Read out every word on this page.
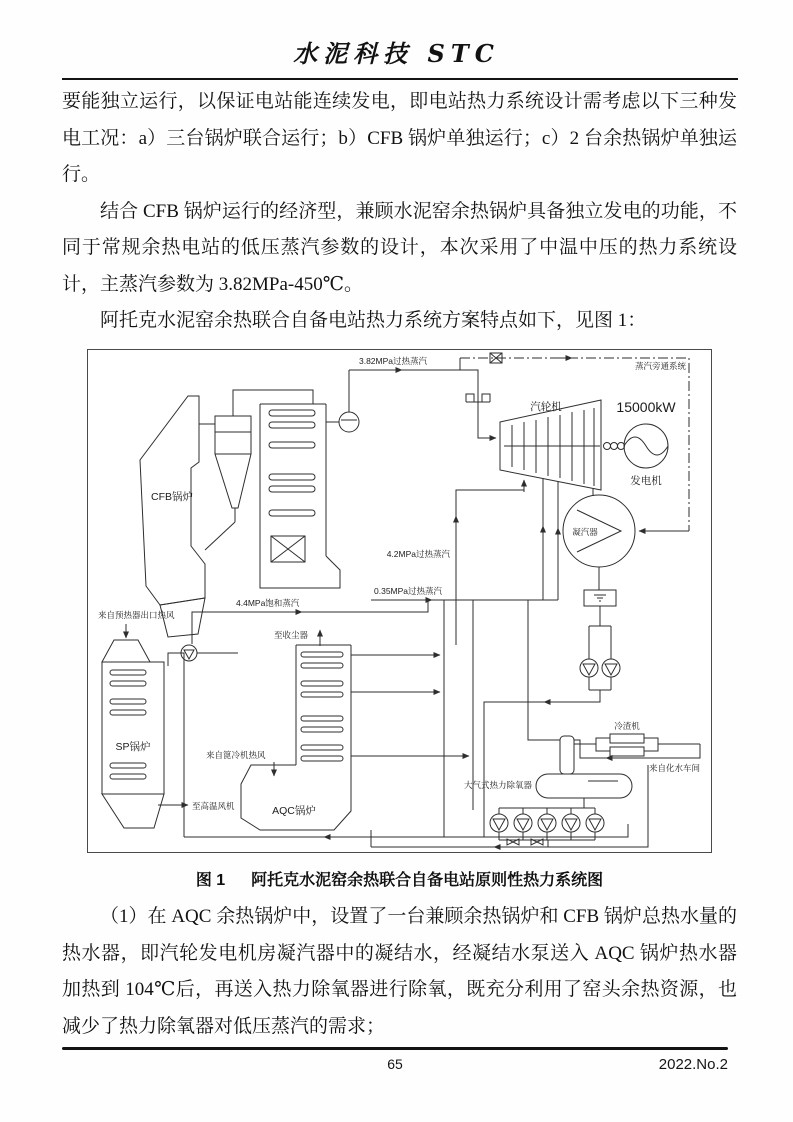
水泥科技 STC

要能独立运行，以保证电站能连续发电，即电站热力系统设计需考虑以下三种发电工况：a）三台锅炉联合运行；b）CFB 锅炉单独运行；c）2 台余热锅炉单独运行。

结合 CFB 锅炉运行的经济型，兼顾水泥窑余热锅炉具备独立发电的功能，不同于常规余热电站的低压蒸汽参数的设计，本次采用了中温中压的热力系统设计，主蒸汽参数为 3.82MPa-450℃。

阿托克水泥窑余热联合自备电站热力系统方案特点如下，见图 1：

CFB锅炉
3.82MPa过热蒸汽	蒸汽旁通系统
汽轮机	15000kW
发电机
凝汽器
4.2MPa过热蒸汽
0.35MPa过热蒸汽
4.4MPa饱和蒸汽
来自预热器出口热风
SP锅炉
至高温风机
至收尘器
AQC锅炉
来自篦冷机热风
大气式热力除氧器
冷渣机
来自化水车间
图 1 阿托克水泥窑余热联合自备电站原则性热力系统图

（1）在 AQC 余热锅炉中，设置了一台兼顾余热锅炉和 CFB 锅炉总热水量的热水器，即汽轮发电机房凝汽器中的凝结水，经凝结水泵送入 AQC 锅炉热水器加热到 104℃后，再送入热力除氧器进行除氧，既充分利用了窑头余热资源，也减少了热力除氧器对低压蒸汽的需求；

65	2022.No.2
